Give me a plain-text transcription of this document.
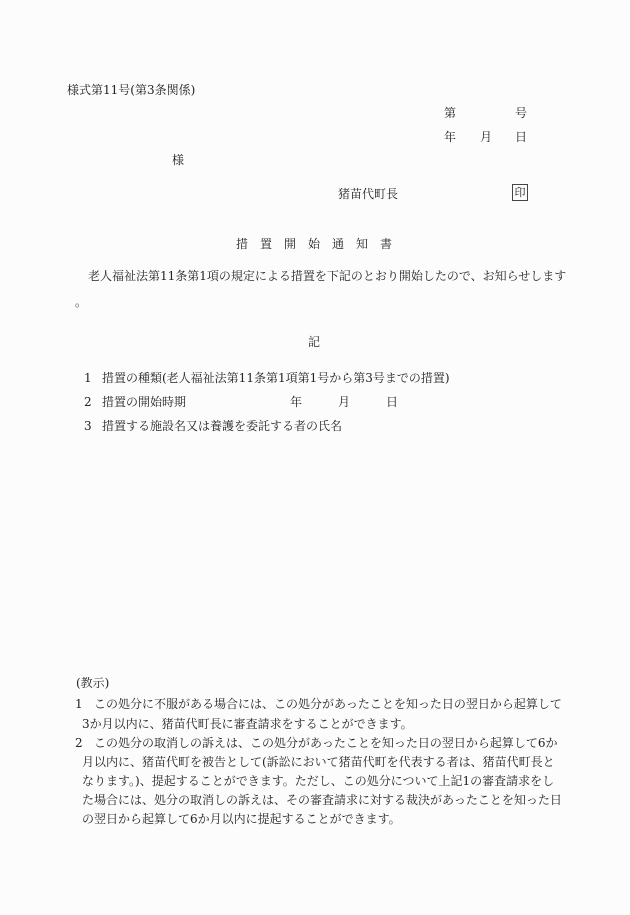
様式第11号(第3条関係)
第	号
年 月 日
様
猪苗代町長	印
措置開始通知書
老人福祉法第11条第1項の規定による措置を下記のとおり開始したので、お知らせします
。
記
1 措置の種類(老人福祉法第11条第1項第1号から第3号までの措置)
2 措置の開始時期	年	月	日
3 措置する施設名又は養護を委託する者の氏名
(教示)
1 この処分に不服がある場合には、この処分があったことを知った日の翌日から起算して
3か月以内に、猪苗代町長に審査請求をすることができます。
2 この処分の取消しの訴えは、この処分があったことを知った日の翌日から起算して6か
月以内に、猪苗代町を被告として(訴訟において猪苗代町を代表する者は、猪苗代町長と
なります。)、提起することができます。ただし、この処分について上記1の審査請求をし
た場合には、処分の取消しの訴えは、その審査請求に対する裁決があったことを知った日
の翌日から起算して6か月以内に提起することができます。
